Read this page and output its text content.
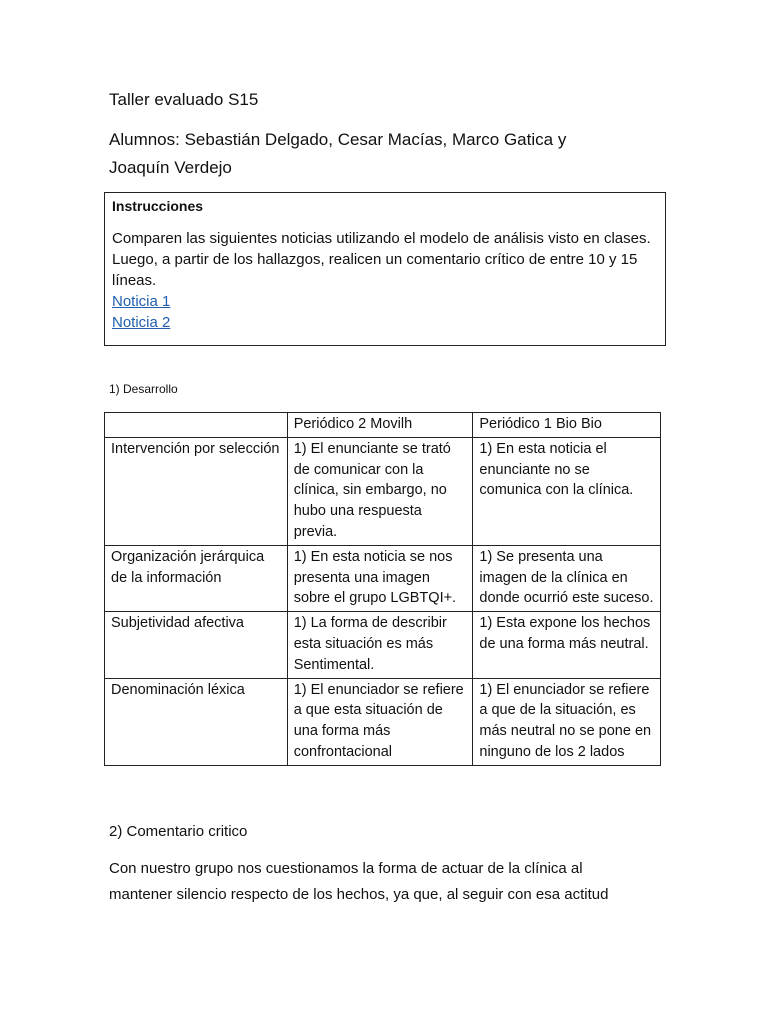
Taller evaluado S15
Alumnos: Sebastián Delgado, Cesar Macías, Marco Gatica y
Joaquín Verdejo
Instrucciones
Comparen las siguientes noticias utilizando el modelo de análisis visto en clases. Luego, a partir de los hallazgos, realicen un comentario crítico de entre 10 y 15 líneas.
Noticia 1
Noticia 2
1) Desarrollo
	Periódico 2 Movilh	Periódico 1 Bio Bio
Intervención por selección	1) El enunciante se trató de comunicar con la clínica, sin embargo, no hubo una respuesta previa.	1) En esta noticia el enunciante no se comunica con la clínica.
Organización jerárquica de la información	1) En esta noticia se nos presenta una imagen sobre el grupo LGBTQI+.	1) Se presenta una imagen de la clínica en donde ocurrió este suceso.
Subjetividad afectiva	1) La forma de describir esta situación es más Sentimental.	1) Esta expone los hechos de una forma más neutral.
Denominación léxica	1) El enunciador se refiere a que esta situación de una forma más confrontacional	1) El enunciador se refiere a que de la situación, es más neutral no se pone en ninguno de los 2 lados
2) Comentario critico
Con nuestro grupo nos cuestionamos la forma de actuar de la clínica al
mantener silencio respecto de los hechos, ya que, al seguir con esa actitud
